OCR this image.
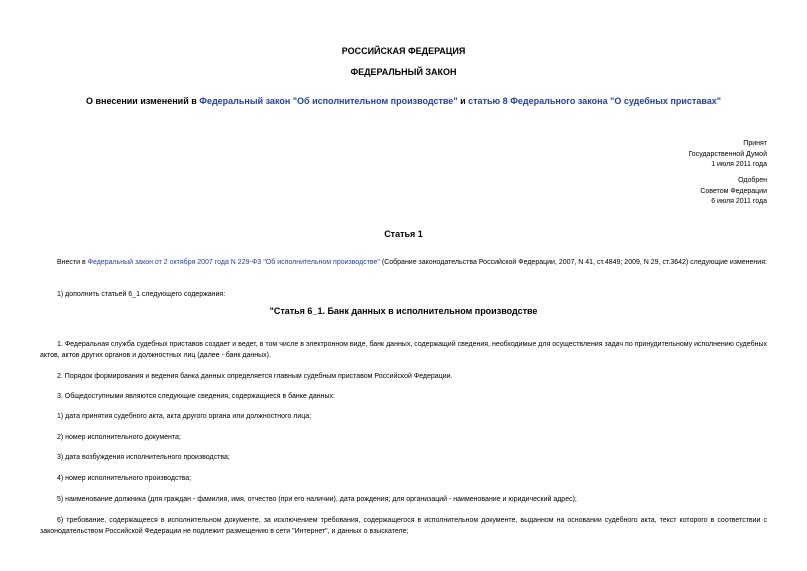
РОССИЙСКАЯ ФЕДЕРАЦИЯ
ФЕДЕРАЛЬНЫЙ ЗАКОН
О внесении изменений в Федеральный закон "Об исполнительном производстве" и статью 8 Федерального закона "О судебных приставах"
Принят
Государственной Думой
1 июля 2011 года
Одобрен
Советом Федерации
6 июля 2011 года
Статья 1
Внести в Федеральный закон от 2 октября 2007 года N 229-ФЗ "Об исполнительном производстве" (Собрание законодательства Российской Федерации, 2007, N 41, ст.4849; 2009, N 29, ст.3642) следующие изменения:
1) дополнить статьей 6_1 следующего содержания:
"Статья 6_1. Банк данных в исполнительном производстве
1. Федеральная служба судебных приставов создает и ведет, в том числе в электронном виде, банк данных, содержащий сведения, необходимые для осуществления задач по принудительному исполнению судебных актов, актов других органов и должностных лиц (далее - банк данных).
2. Порядок формирования и ведения банка данных определяется главным судебным приставом Российской Федерации.
3. Общедоступными являются следующие сведения, содержащиеся в банке данных:
1) дата принятия судебного акта, акта другого органа или должностного лица;
2) номер исполнительного документа;
3) дата возбуждения исполнительного производства;
4) номер исполнительного производства;
5) наименование должника (для граждан - фамилия, имя, отчество (при его наличии), дата рождения; для организаций - наименование и юридический адрес);
6) требование, содержащееся в исполнительном документе, за исключением требования, содержащегося в исполнительном документе, выданном на основании судебного акта, текст которого в соответствии с законодательством Российской Федерации не подлежит размещению в сети "Интернет", и данных о взыскателе;
